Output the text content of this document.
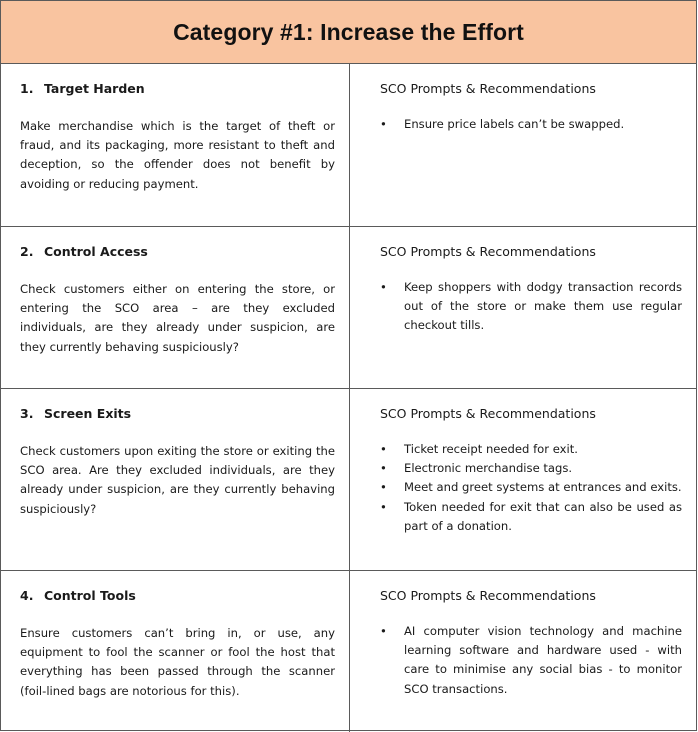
Category #1: Increase the Effort

1. Target Harden

Make merchandise which is the target of theft or fraud, and its packaging, more resistant to theft and deception, so the offender does not benefit by avoiding or reducing payment.

SCO Prompts & Recommendations

• Ensure price labels can’t be swapped.

2. Control Access

Check customers either on entering the store, or entering the SCO area – are they excluded individuals, are they already under suspicion, are they currently behaving suspiciously?

SCO Prompts & Recommendations

• Keep shoppers with dodgy transaction records out of the store or make them use regular checkout tills.

3. Screen Exits

Check customers upon exiting the store or exiting the SCO area. Are they excluded individuals, are they already under suspicion, are they currently behaving suspiciously?

SCO Prompts & Recommendations

• Ticket receipt needed for exit.
• Electronic merchandise tags.
• Meet and greet systems at entrances and exits.
• Token needed for exit that can also be used as part of a donation.

4. Control Tools

Ensure customers can’t bring in, or use, any equipment to fool the scanner or fool the host that everything has been passed through the scanner (foil-lined bags are notorious for this).

SCO Prompts & Recommendations

• AI computer vision technology and machine learning software and hardware used - with care to minimise any social bias - to monitor SCO transactions.
